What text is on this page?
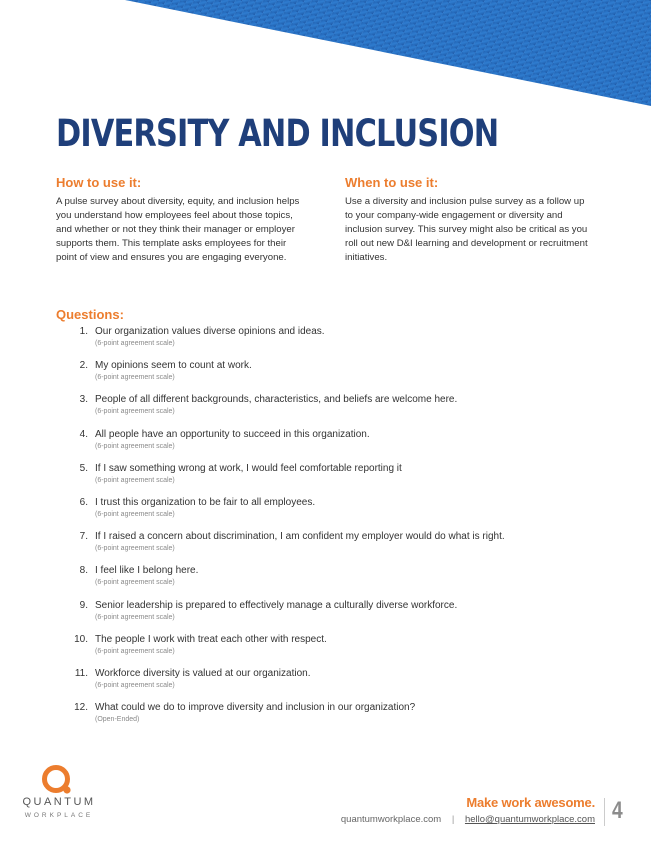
DIVERSITY AND INCLUSION
How to use it:

A pulse survey about diversity, equity, and inclusion helps you understand how employees feel about those topics, and whether or not they think their manager or employer supports them. This template asks employees for their point of view and ensures you are engaging everyone.

When to use it:

Use a diversity and inclusion pulse survey as a follow up to your company-wide engagement or diversity and inclusion survey. This survey might also be critical as you roll out new D&I learning and development or recruitment initiatives.

Questions:
1. Our organization values diverse opinions and ideas.
(6-point agreement scale)
2. My opinions seem to count at work.
(6-point agreement scale)
3. People of all different backgrounds, characteristics, and beliefs are welcome here.
(6-point agreement scale)
4. All people have an opportunity to succeed in this organization.
(6-point agreement scale)
5. If I saw something wrong at work, I would feel comfortable reporting it
(6-point agreement scale)
6. I trust this organization to be fair to all employees.
(6-point agreement scale)
7. If I raised a concern about discrimination, I am confident my employer would do what is right.
(6-point agreement scale)
8. I feel like I belong here.
(6-point agreement scale)
9. Senior leadership is prepared to effectively manage a culturally diverse workforce.
(6-point agreement scale)
10. The people I work with treat each other with respect.
(6-point agreement scale)
11. Workforce diversity is valued at our organization.
(6-point agreement scale)
12. What could we do to improve diversity and inclusion in our organization?
(Open-Ended)
QUANTUM
WORKPLACE

Make work awesome.

quantumworkplace.com | hello@quantumworkplace.com 4
